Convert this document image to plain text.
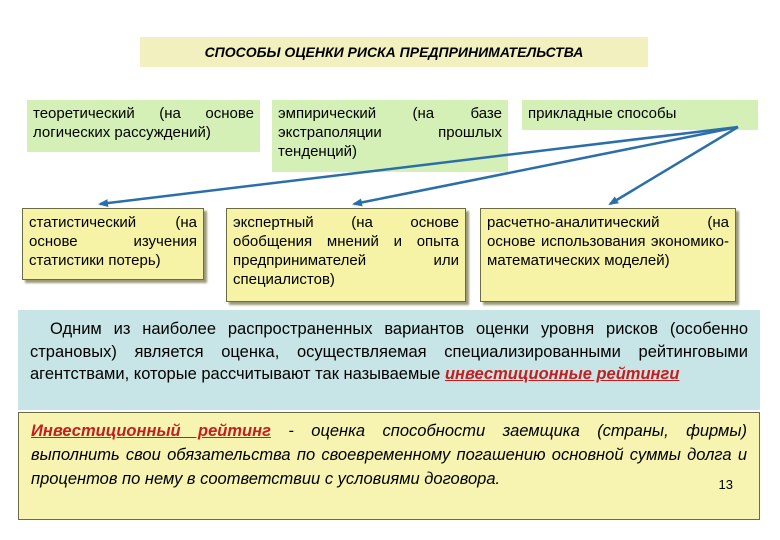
СПОСОБЫ ОЦЕНКИ РИСКА ПРЕДПРИНИМАТЕЛЬСТВА
теоретический (на основе логических рассуждений)
эмпирический (на базе экстраполяции прошлых тенденций)
прикладные способы
статистический (на основе изучения статистики потерь)
экспертный (на основе обобщения мнений и опыта предпринимателей или специалистов)
расчетно-аналитический (на основе использования экономико-математических моделей)
Одним из наиболее распространенных вариантов оценки уровня рисков (особенно страновых) является оценка, осуществляемая специализированными рейтинговыми агентствами, которые рассчитывают так называемые инвестиционные рейтинги
Инвестиционный рейтинг - оценка способности заемщика (страны, фирмы) выполнить свои обязательства по своевременному погашению основной суммы долга и процентов по нему в соответствии с условиями договора.	13
